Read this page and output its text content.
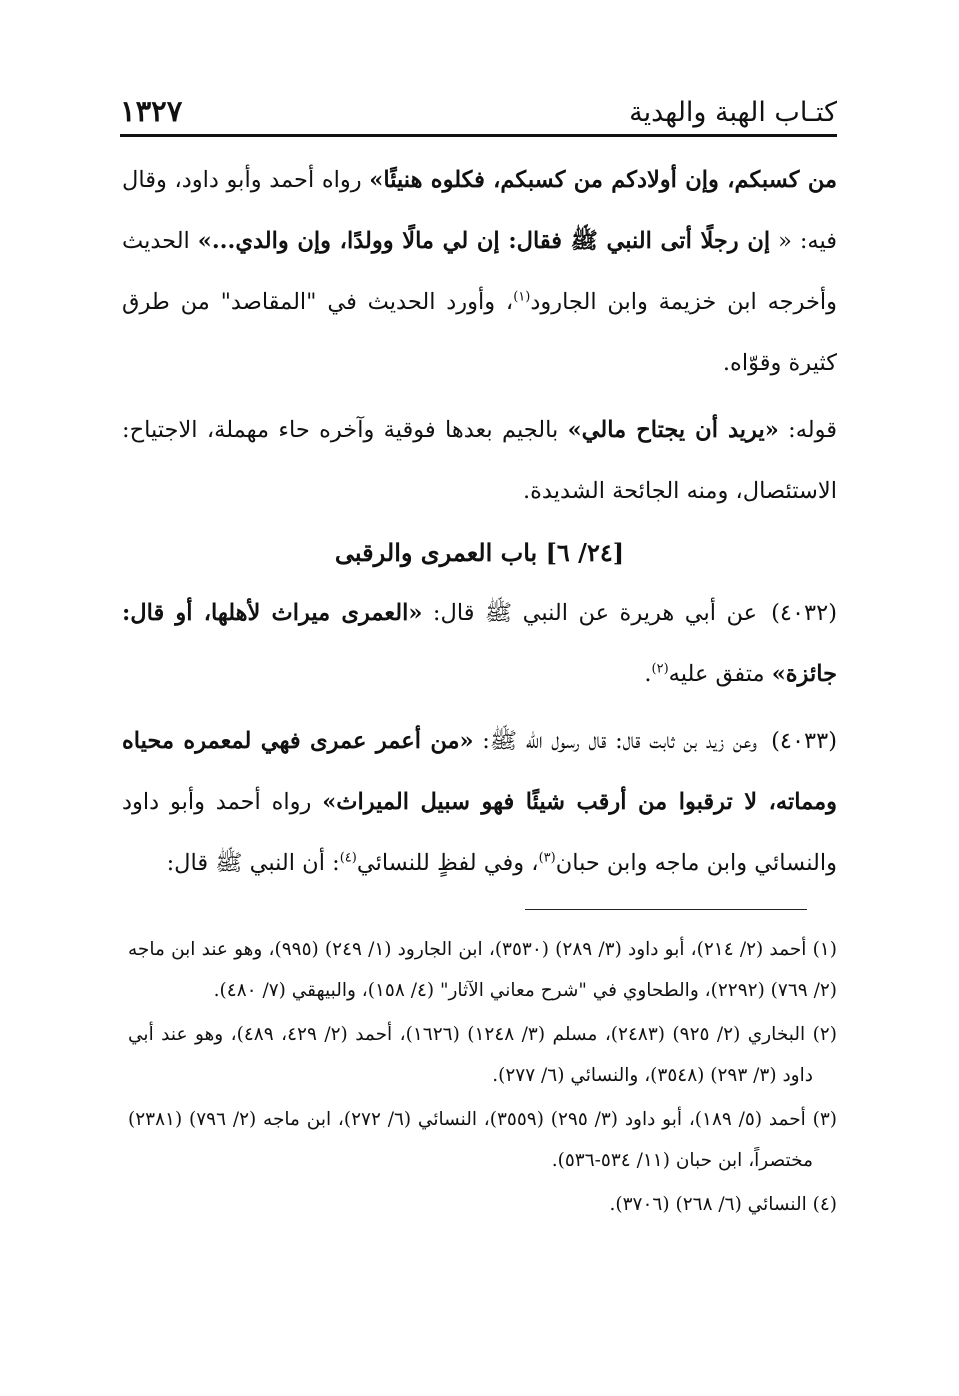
كتـاب الهبة والهدية
١٣٢٧

من كسبكم، وإن أولادكم من كسبكم، فكلوه هنيئًا» رواه أحمد وأبو داود، وقال فيه: « إن رجلًا أتى النبي ﷺ فقال: إن لي مالًا وولدًا، وإن والدي...» الحديث وأخرجه ابن خزيمة وابن الجارود$^{(١)}$، وأورد الحديث في "المقاصد" من طرق كثيرة وقوّاه.

قوله: «يريد أن يجتاح مالي» بالجيم بعدها فوقية وآخره حاء مهملة، الاجتياح: الاستئصال، ومنه الجائحة الشديدة.

[٢٤/ ٦] باب العمرى والرقبى

(٤٠٣٢)عن أبي هريرة عن النبي ﷺ قال: «العمرى ميراث لأهلها، أو قال: جائزة» متفق عليه$^{(٢)}$.

(٤٠٣٣)وعن زيد بن ثابت قال: قال رسول الله ﷺ: «من أعمر عمرى فهي لمعمره محياه ومماته، لا ترقبوا من أرقب شيئًا فهو سبيل الميراث» رواه أحمد وأبو داود والنسائي وابن ماجه وابن حبان$^{(٣)}$، وفي لفظٍ للنسائي$^{(٤)}$: أن النبي ﷺ قال:

(١) أحمد (٢/ ٢١٤)، أبو داود (٣/ ٢٨٩) (٣٥٣٠)، ابن الجارود (١/ ٢٤٩) (٩٩٥)، وهو عند ابن ماجه (٢/ ٧٦٩) (٢٢٩٢)، والطحاوي في "شرح معاني الآثار" (٤/ ١٥٨)، والبيهقي (٧/ ٤٨٠).

(٢) البخاري (٢/ ٩٢٥) (٢٤٨٣)، مسلم (٣/ ١٢٤٨) (١٦٢٦)، أحمد (٢/ ٤٢٩، ٤٨٩)، وهو عند أبي داود (٣/ ٢٩٣) (٣٥٤٨)، والنسائي (٦/ ٢٧٧).

(٣) أحمد (٥/ ١٨٩)، أبو داود (٣/ ٢٩٥) (٣٥٥٩)، النسائي (٦/ ٢٧٢)، ابن ماجه (٢/ ٧٩٦) (٢٣٨١) مختصراً، ابن حبان (١١/ ٥٣٤-٥٣٦).

(٤) النسائي (٦/ ٢٦٨) (٣٧٠٦).
